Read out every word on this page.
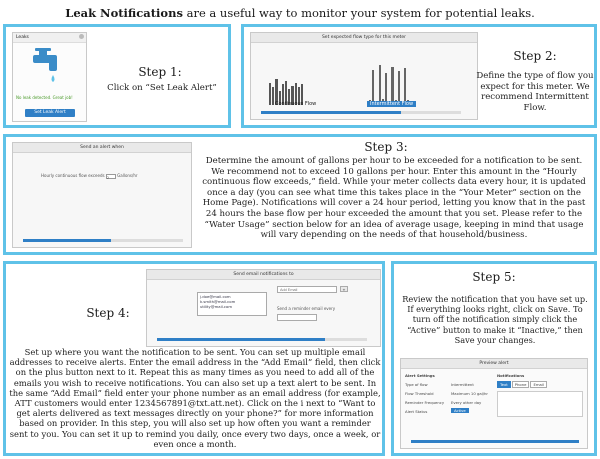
Leak Notifications are a useful way to monitor your system for potential leaks.
Leaks
No leak detected. Great job!
Set Leak Alert
Step 1:
Click on “Set Leak Alert”
Set expected flow type for this meter
Continuous Flow	Intermittent Flow
Step 2:
Define the type of flow you expect for this meter. We recommend Intermittent Flow.
Send an alert when
Hourly continuous flow exceeds 2 Gallons/hr
Step 3:
Determine the amount of gallons per hour to be exceeded for a notification to be sent. We recommend not to exceed 10 gallons per hour. Enter this amount in the “Hourly continuous flow exceeds,” field. While your meter collects data every hour, it is updated once a day (you can see what time this takes place in the “Your Meter” section on the Home Page). Notifications will cover a 24 hour period, letting you know that in the past 24 hours the base flow per hour exceeded the amount that you set. Please refer to the “Water Usage” section below for an idea of average usage, keeping in mind that usage will vary depending on the needs of that household/business.
Send email notifications to
j.doe@mail.com
k.smith@mail.com
utility@mail.com
Add Email
+
Send a reminder email every
Step 4:
Set up where you want the notification to be sent. You can set up multiple email addresses to receive alerts. Enter the email address in the “Add Email” field, then click on the plus button next to it. Repeat this as many times as you need to add all of the emails you wish to receive notifications. You can also set up a text alert to be sent. In the same “Add Email” field enter your phone number as an email address (for example, ATT customers would enter 1234567891@txt.att.net). Click on the i next to “Want to get alerts delivered as text messages directly on your phone?” for more information based on provider. In this step, you will also set up how often you want a reminder sent to you. You can set it up to remind you daily, once every two days, once a week, or even once a month.
Step 5:
Review the notification that you have set up. If everything looks right, click on Save. To turn off the notification simply click the “Active” button to make it “Inactive,” then Save your changes.
Preview alert
Alert Settings	Notifications
Type of flow	Intermittent
Flow Threshold	Maximum 10 gal/hr
Reminder Frequency Every other day
Alert Status	Active
Text Phone Email
